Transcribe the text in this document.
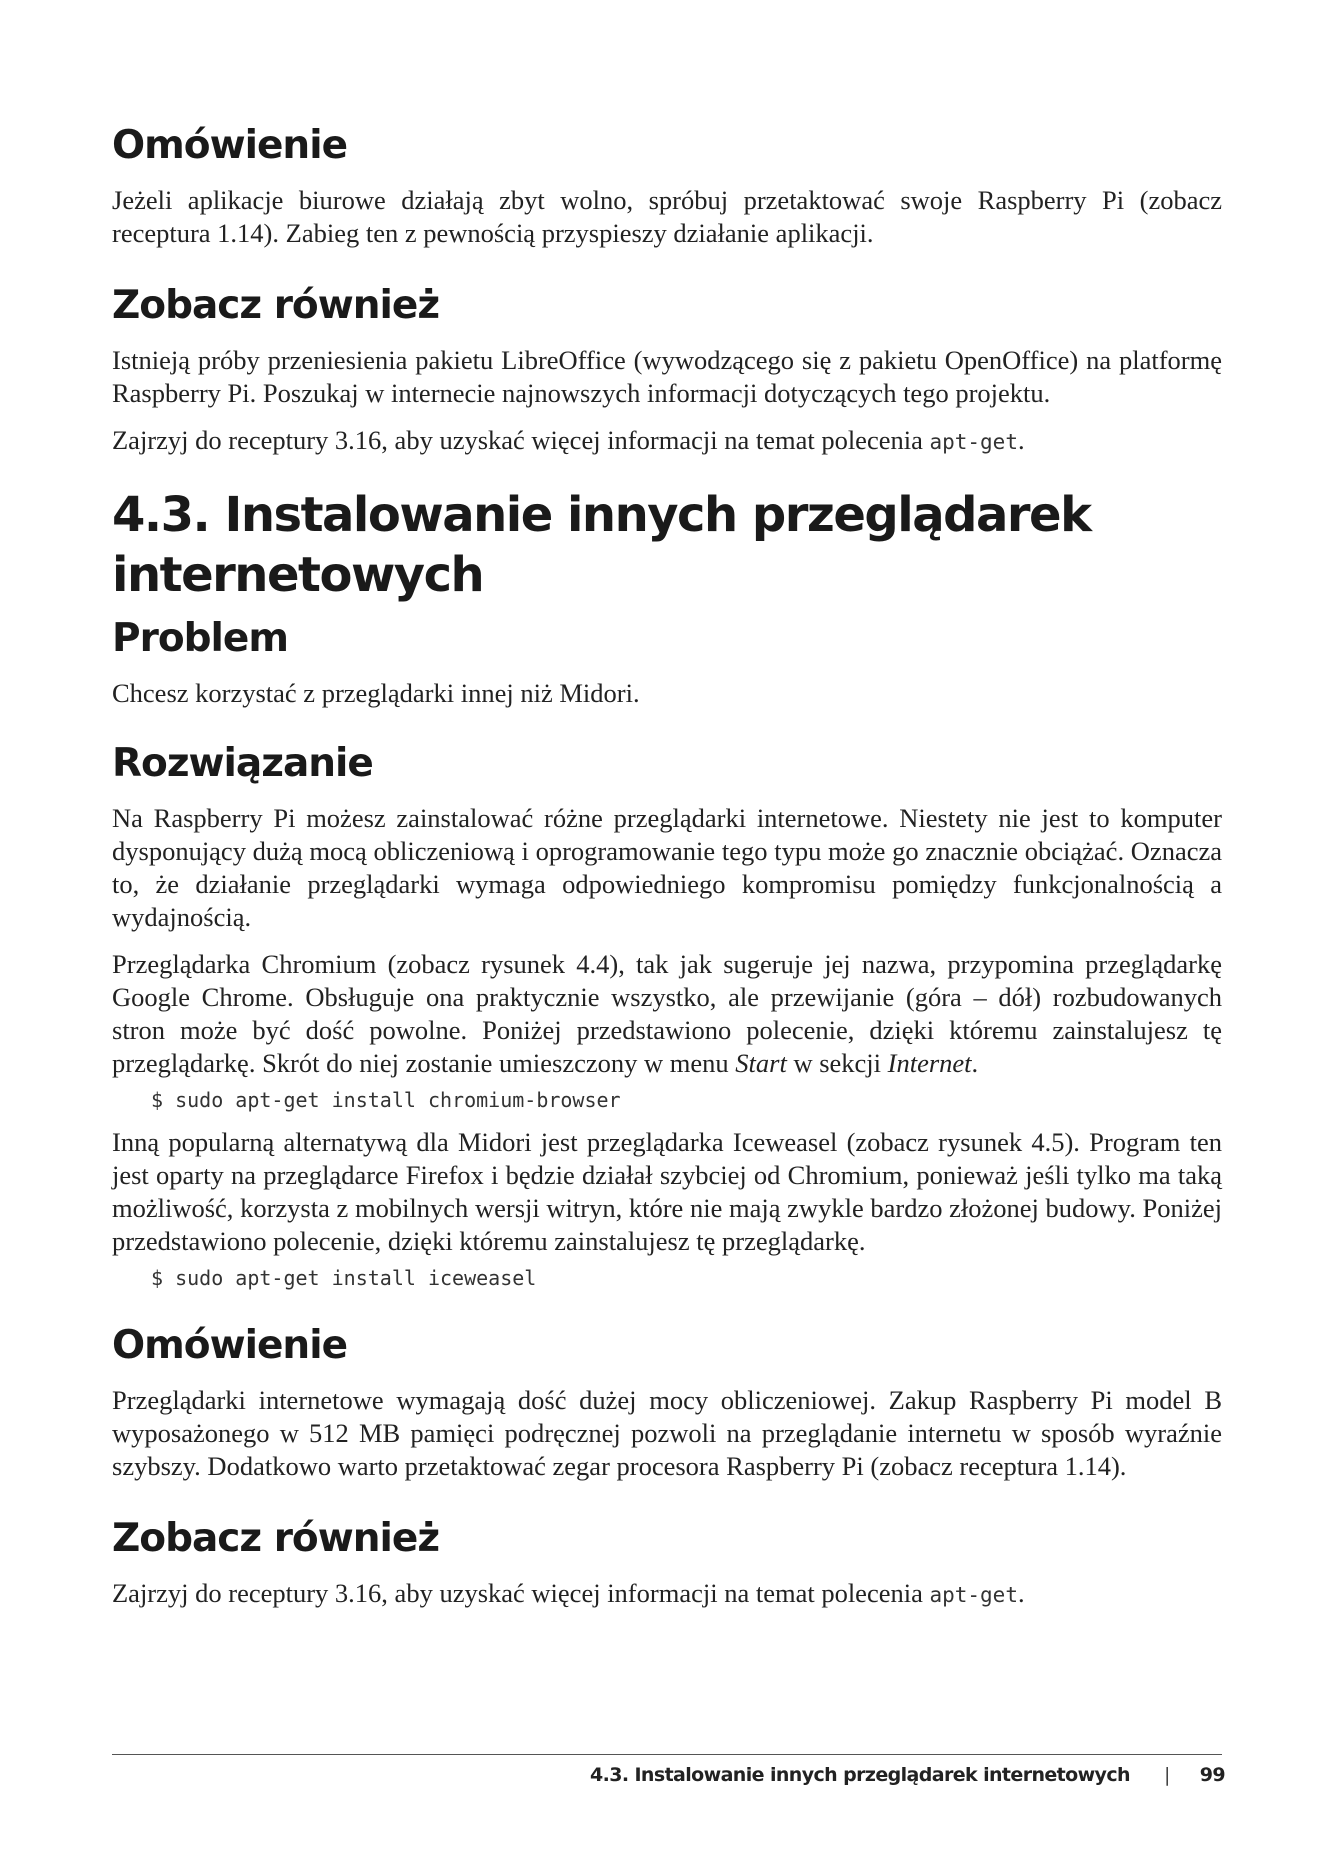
Omówienie

Jeżeli aplikacje biurowe działają zbyt wolno, spróbuj przetaktować swoje Raspberry Pi (zobacz receptura 1.14). Zabieg ten z pewnością przyspieszy działanie aplikacji.

Zobacz również

Istnieją próby przeniesienia pakietu LibreOffice (wywodzącego się z pakietu OpenOffice) na platformę Raspberry Pi. Poszukaj w internecie najnowszych informacji dotyczących tego projektu.

Zajrzyj do receptury 3.16, aby uzyskać więcej informacji na temat polecenia apt-get.

4.3. Instalowanie innych przeglądarek internetowych
Problem

Chcesz korzystać z przeglądarki innej niż Midori.

Rozwiązanie

Na Raspberry Pi możesz zainstalować różne przeglądarki internetowe. Niestety nie jest to komputer dysponujący dużą mocą obliczeniową i oprogramowanie tego typu może go znacznie obciążać. Oznacza to, że działanie przeglądarki wymaga odpowiedniego kompromisu pomiędzy funkcjonalnością a wydajnością.

Przeglądarka Chromium (zobacz rysunek 4.4), tak jak sugeruje jej nazwa, przypomina przeglądarkę Google Chrome. Obsługuje ona praktycznie wszystko, ale przewijanie (góra – dół) rozbudowanych stron może być dość powolne. Poniżej przedstawiono polecenie, dzięki któremu zainstalujesz tę przeglądarkę. Skrót do niej zostanie umieszczony w menu Start w sekcji Internet.

$ sudo apt-get install chromium-browser

Inną popularną alternatywą dla Midori jest przeglądarka Iceweasel (zobacz rysunek 4.5). Program ten jest oparty na przeglądarce Firefox i będzie działał szybciej od Chromium, ponieważ jeśli tylko ma taką możliwość, korzysta z mobilnych wersji witryn, które nie mają zwykle bardzo złożonej budowy. Poniżej przedstawiono polecenie, dzięki któremu zainstalujesz tę przeglądarkę.

$ sudo apt-get install iceweasel
Omówienie

Przeglądarki internetowe wymagają dość dużej mocy obliczeniowej. Zakup Raspberry Pi model B wyposażonego w 512 MB pamięci podręcznej pozwoli na przeglądanie internetu w sposób wyraźnie szybszy. Dodatkowo warto przetaktować zegar procesora Raspberry Pi (zobacz receptura 1.14).

Zobacz również

Zajrzyj do receptury 3.16, aby uzyskać więcej informacji na temat polecenia apt-get.

4.3. Instalowanie innych przeglądarek internetowych | 99
